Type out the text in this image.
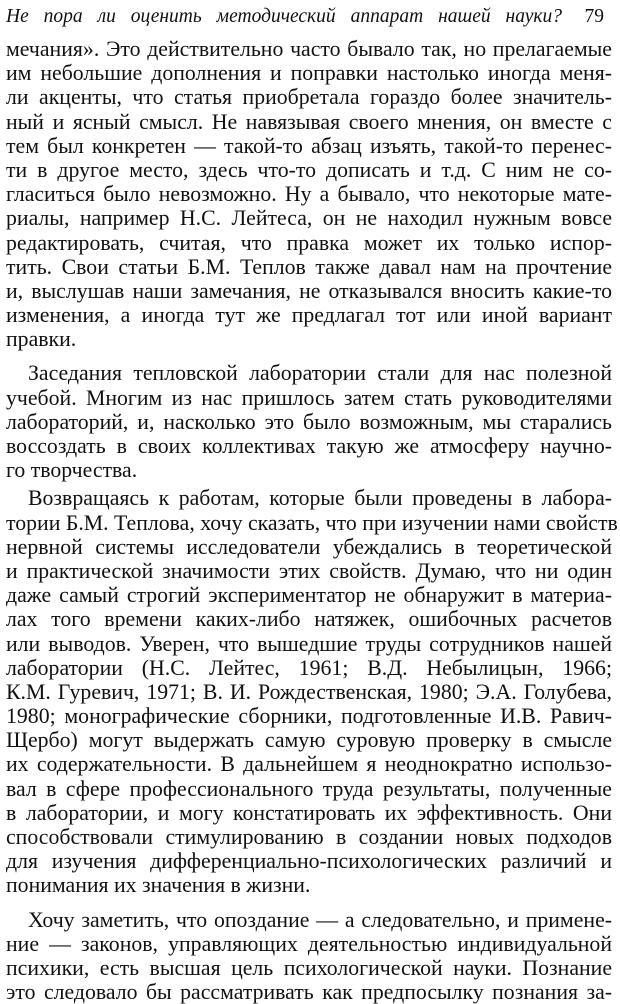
Не пора ли оценить методический аппарат нашей науки? 79
мечания». Это действительно часто бывало так, но прелагаемые
им небольшие дополнения и поправки настолько иногда меня-
ли акценты, что статья приобретала гораздо более значитель-
ный и ясный смысл. Не навязывая своего мнения, он вместе с
тем был конкретен — такой-то абзац изъять, такой-то перенес-
ти в другое место, здесь что-то дописать и т.д. С ним не со-
гласиться было невозможно. Ну а бывало, что некоторые мате-
риалы, например Н.С. Лейтеса, он не находил нужным вовсе
редактировать, считая, что правка может их только испор-
тить. Свои статьи Б.М. Теплов также давал нам на прочтение
и, выслушав наши замечания, не отказывался вносить какие-то
изменения, а иногда тут же предлагал тот или иной вариант
правки.
Заседания тепловской лаборатории стали для нас полезной
учебой. Многим из нас пришлось затем стать руководителями
лабораторий, и, насколько это было возможным, мы старались
воссоздать в своих коллективах такую же атмосферу научно-
го творчества.
Возвращаясь к работам, которые были проведены в лабора-
тории Б.М. Теплова, хочу сказать, что при изучении нами свойств
нервной системы исследователи убеждались в теоретической
и практической значимости этих свойств. Думаю, что ни один
даже самый строгий экспериментатор не обнаружит в материа-
лах того времени каких-либо натяжек, ошибочных расчетов
или выводов. Уверен, что вышедшие труды сотрудников нашей
лаборатории (Н.С. Лейтес, 1961; В.Д. Небылицын, 1966;
К.М. Гуревич, 1971; В. И. Рождественская, 1980; Э.А. Голубева,
1980; монографические сборники, подготовленные И.В. Равич-
Щербо) могут выдержать самую суровую проверку в смысле
их содержательности. В дальнейшем я неоднократно использо-
вал в сфере профессионального труда результаты, полученные
в лаборатории, и могу констатировать их эффективность. Они
способствовали стимулированию в создании новых подходов
для изучения дифференциально-психологических различий и
понимания их значения в жизни.
Хочу заметить, что опоздание — а следовательно, и примене-
ние — законов, управляющих деятельностью индивидуальной
психики, есть высшая цель психологической науки. Познание
это следовало бы рассматривать как предпосылку познания за-
